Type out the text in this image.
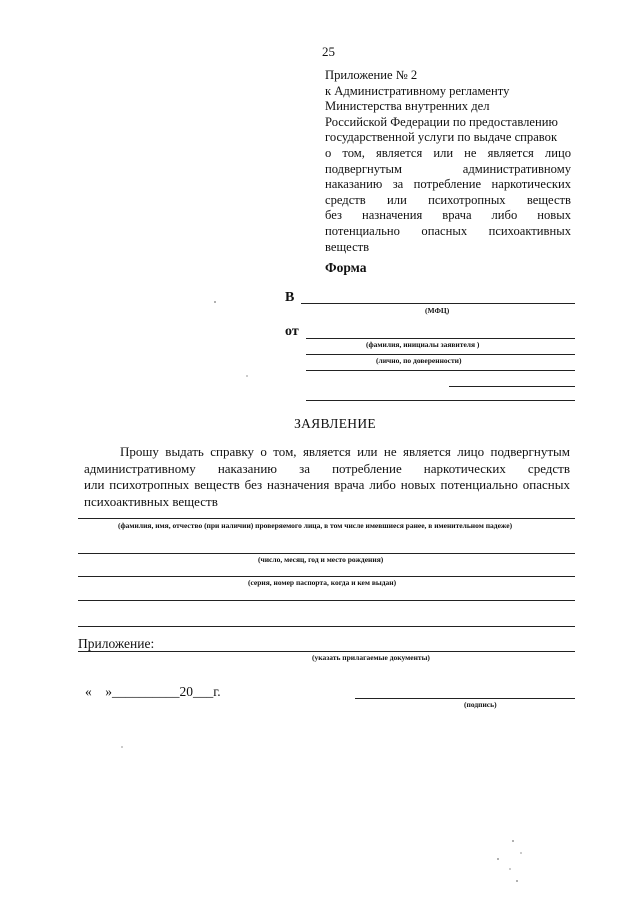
25
Приложение № 2
к Административному регламенту
Министерства внутренних дел
Российской Федерации по предоставлению
государственной услуги по выдаче справок
о том, является или не является лицо
подвергнутым административному
наказанию за потребление наркотических
средств или психотропных веществ
без назначения врача либо новых
потенциально опасных психоактивных
веществ
Форма
В
(МФЦ)
от
(фамилия, инициалы заявителя )
(лично, по доверенности)
ЗАЯВЛЕНИЕ
Прошу выдать справку о том, является или не является лицо подвергнутым
административному наказанию за потребление наркотических средств
или психотропных веществ без назначения врача либо новых потенциально опасных
психоактивных веществ
(фамилия, имя, отчество (при наличии) проверяемого лица, в том числе имевшиеся ранее, в именительном падеже)
(число, месяц, год и место рождения)
(серия, номер паспорта, когда и кем выдан)
Приложение:
(указать прилагаемые документы)
«    »__________20___г.
(подпись)
